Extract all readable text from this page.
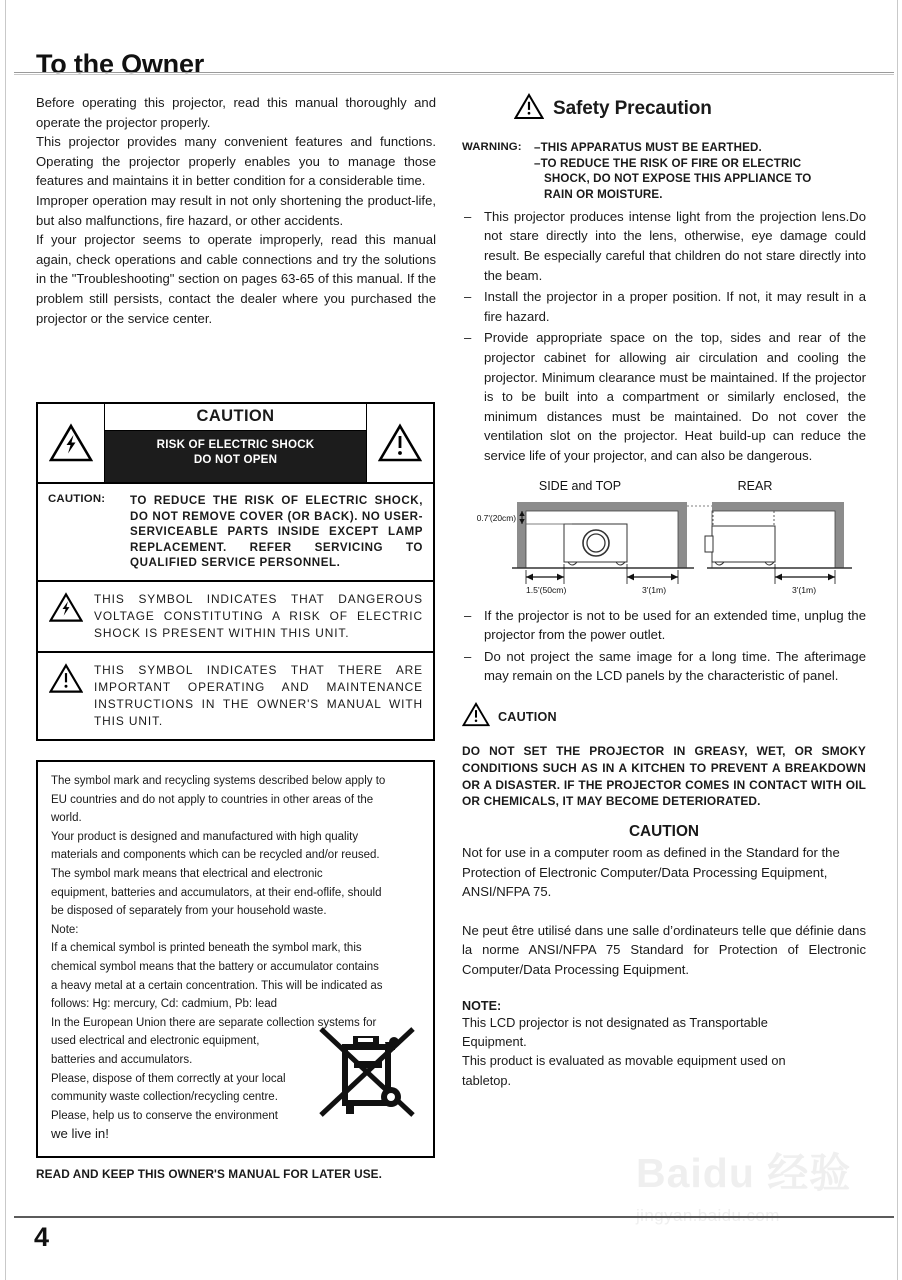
To the Owner

Before operating this projector, read this manual thoroughly and operate the projector properly.

This projector provides many convenient features and functions. Operating the projector properly enables you to manage those features and maintains it in better condition for a considerable time.

Improper operation may result in not only shortening the product-life, but also malfunctions, fire hazard, or other accidents.

If your projector seems to operate improperly, read this manual again, check operations and cable connections and try the solutions in the "Troubleshooting" section on pages 63-65 of this manual. If the problem still persists, contact the dealer where you purchased the projector or the service center.

CAUTION
RISK OF ELECTRIC SHOCK
DO NOT OPEN
CAUTION:	TO REDUCE THE RISK OF ELECTRIC SHOCK, DO NOT REMOVE COVER (OR BACK). NO USER-SERVICEABLE PARTS INSIDE EXCEPT LAMP REPLACEMENT. REFER SERVICING TO QUALIFIED SERVICE PERSONNEL.
THIS SYMBOL INDICATES THAT DANGEROUS VOLTAGE CONSTITUTING A RISK OF ELECTRIC SHOCK IS PRESENT WITHIN THIS UNIT.
THIS SYMBOL INDICATES THAT THERE ARE IMPORTANT OPERATING AND MAINTENANCE INSTRUCTIONS IN THE OWNER'S MANUAL WITH THIS UNIT.
The symbol mark and recycling systems described below apply to
EU countries and do not apply to countries in other areas of the
world.
Your product is designed and manufactured with high quality
materials and components which can be recycled and/or reused.
The symbol mark means that electrical and electronic
equipment, batteries and accumulators, at their end-oflife, should
be disposed of separately from your household waste.
Note:
If a chemical symbol is printed beneath the symbol mark, this
chemical symbol means that the battery or accumulator contains
a heavy metal at a certain concentration. This will be indicated as
follows: Hg: mercury, Cd: cadmium, Pb: lead
In the European Union there are separate collection systems for
used electrical and electronic equipment,
batteries and accumulators.
Please, dispose of them correctly at your local
community waste collection/recycling centre.
Please, help us to conserve the environment
we live in!
READ AND KEEP THIS OWNER'S MANUAL FOR LATER USE.
Safety Precaution
WARNING:	–THIS APPARATUS MUST BE EARTHED.
–TO REDUCE THE RISK OF FIRE OR ELECTRIC
SHOCK, DO NOT EXPOSE THIS APPLIANCE TO
RAIN OR MOISTURE.
– This projector produces intense light from the projection lens.Do not stare directly into the lens, otherwise, eye damage could result. Be especially careful that children do not stare directly into the beam.
– Install the projector in a proper position. If not, it may result in a fire hazard.
– Provide appropriate space on the top, sides and rear of the projector cabinet for allowing air circulation and cooling the projector. Minimum clearance must be maintained. If the projector is to be built into a compartment or similarly enclosed, the minimum distances must be maintained. Do not cover the ventilation slot on the projector. Heat build-up can reduce the service life of your projector, and can also be dangerous.
SIDE and TOP	REAR
0.7'(20cm)
1.5'(50cm)	3'(1m)	3'(1m)
– If the projector is not to be used for an extended time, unplug the projector from the power outlet.
– Do not project the same image for a long time. The afterimage may remain on the LCD panels by the characteristic of panel.
CAUTION
DO NOT SET THE PROJECTOR IN GREASY, WET, OR SMOKY CONDITIONS SUCH AS IN A KITCHEN TO PREVENT A BREAKDOWN OR A DISASTER. IF THE PROJECTOR COMES IN CONTACT WITH OIL OR CHEMICALS, IT MAY BECOME DETERIORATED.
CAUTION
Not for use in a computer room as defined in the Standard for the Protection of Electronic Computer/Data Processing Equipment, ANSI/NFPA 75.
Ne peut être utilisé dans une salle d’ordinateurs telle que définie dans la norme ANSI/NFPA 75 Standard for Protection of Electronic Computer/Data Processing Equipment.
NOTE:
This LCD projector is not designated as Transportable
Equipment.
This product is evaluated as movable equipment used on
tabletop.
Baidu 经验
4
